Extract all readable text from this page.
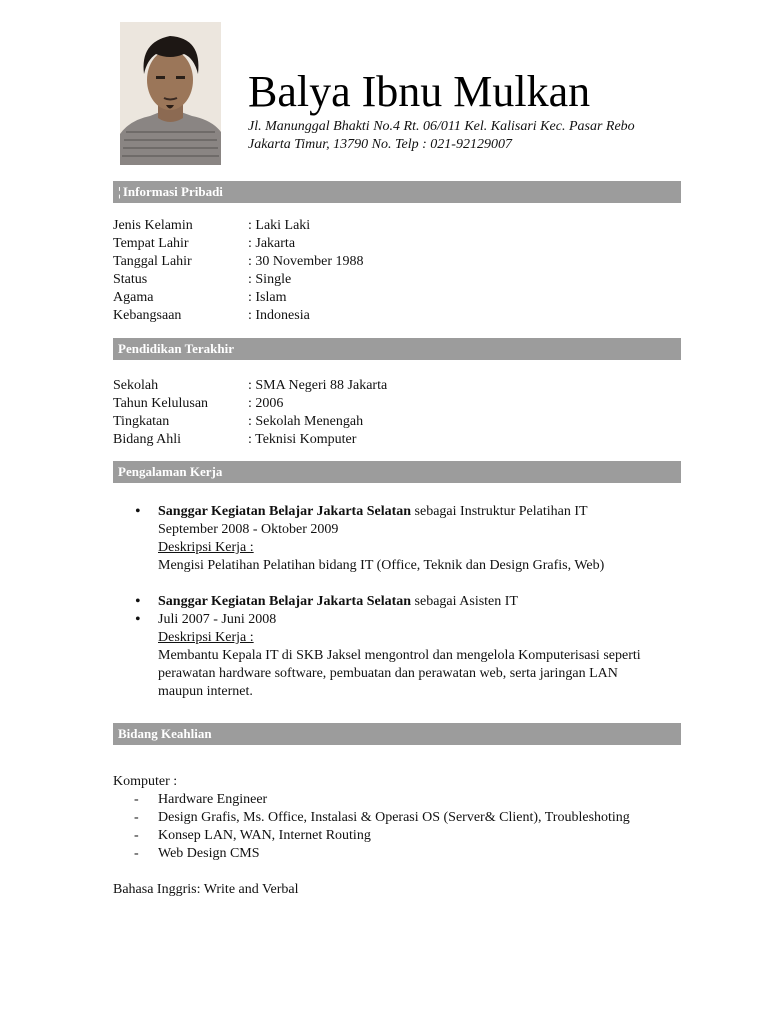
Balya Ibnu Mulkan
Jl. Manunggal Bhakti No.4 Rt. 06/011 Kel. Kalisari Kec. Pasar Rebo
Jakarta Timur, 13790 No. Telp : 021-92129007
¦ Informasi Pribadi
Jenis Kelamin	: Laki Laki
Tempat Lahir	: Jakarta
Tanggal Lahir	: 30 November 1988
Status	: Single
Agama	: Islam
Kebangsaan	: Indonesia
Pendidikan Terakhir
Sekolah	: SMA Negeri 88 Jakarta
Tahun Kelulusan	: 2006
Tingkatan	: Sekolah Menengah
Bidang Ahli	: Teknisi Komputer
Pengalaman Kerja
• Sanggar Kegiatan Belajar Jakarta Selatan sebagai Instruktur Pelatihan IT
September 2008 - Oktober 2009
Deskripsi Kerja :
Mengisi Pelatihan Pelatihan bidang IT (Office, Teknik dan Design Grafis, Web)
• Sanggar Kegiatan Belajar Jakarta Selatan sebagai Asisten IT
• Juli 2007 - Juni 2008
Deskripsi Kerja :
Membantu Kepala IT di SKB Jaksel mengontrol dan mengelola Komputerisasi seperti
perawatan hardware software, pembuatan dan perawatan web, serta jaringan LAN
maupun internet.
Bidang Keahlian
Komputer :
- Hardware Engineer
- Design Grafis, Ms. Office, Instalasi & Operasi OS (Server& Client), Troubleshoting
- Konsep LAN, WAN, Internet Routing
- Web Design CMS
Bahasa Inggris: Write and Verbal
